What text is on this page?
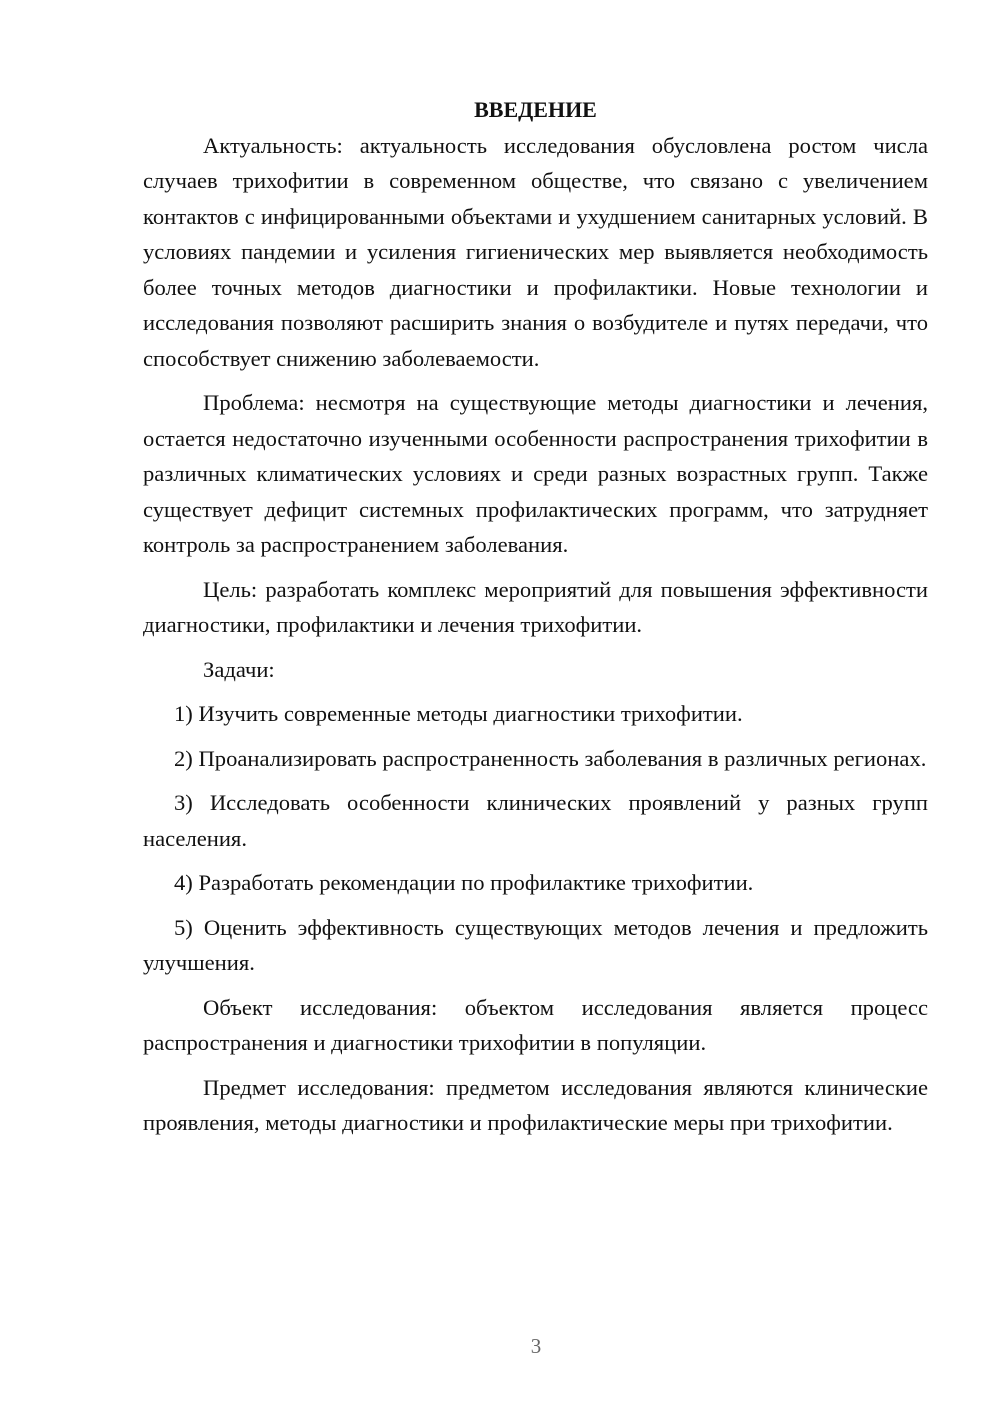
ВВЕДЕНИЕ

Актуальность: актуальность исследования обусловлена ростом числа случаев трихофитии в современном обществе, что связано с увеличением контактов с инфицированными объектами и ухудшением санитарных условий. В условиях пандемии и усиления гигиенических мер выявляется необходимость более точных методов диагностики и профилактики. Новые технологии и исследования позволяют расширить знания о возбудителе и путях передачи, что способствует снижению заболеваемости.

Проблема: несмотря на существующие методы диагностики и лечения, остается недостаточно изученными особенности распространения трихофитии в различных климатических условиях и среди разных возрастных групп. Также существует дефицит системных профилактических программ, что затрудняет контроль за распространением заболевания.

Цель: разработать комплекс мероприятий для повышения эффективности диагностики, профилактики и лечения трихофитии.

Задачи:

1) Изучить современные методы диагностики трихофитии.

2) Проанализировать распространенность заболевания в различных регионах.

3) Исследовать особенности клинических проявлений у разных групп населения.

4) Разработать рекомендации по профилактике трихофитии.

5) Оценить эффективность существующих методов лечения и предложить улучшения.

Объект исследования: объектом исследования является процесс распространения и диагностики трихофитии в популяции.

Предмет исследования: предметом исследования являются клинические проявления, методы диагностики и профилактические меры при трихофитии.

3
